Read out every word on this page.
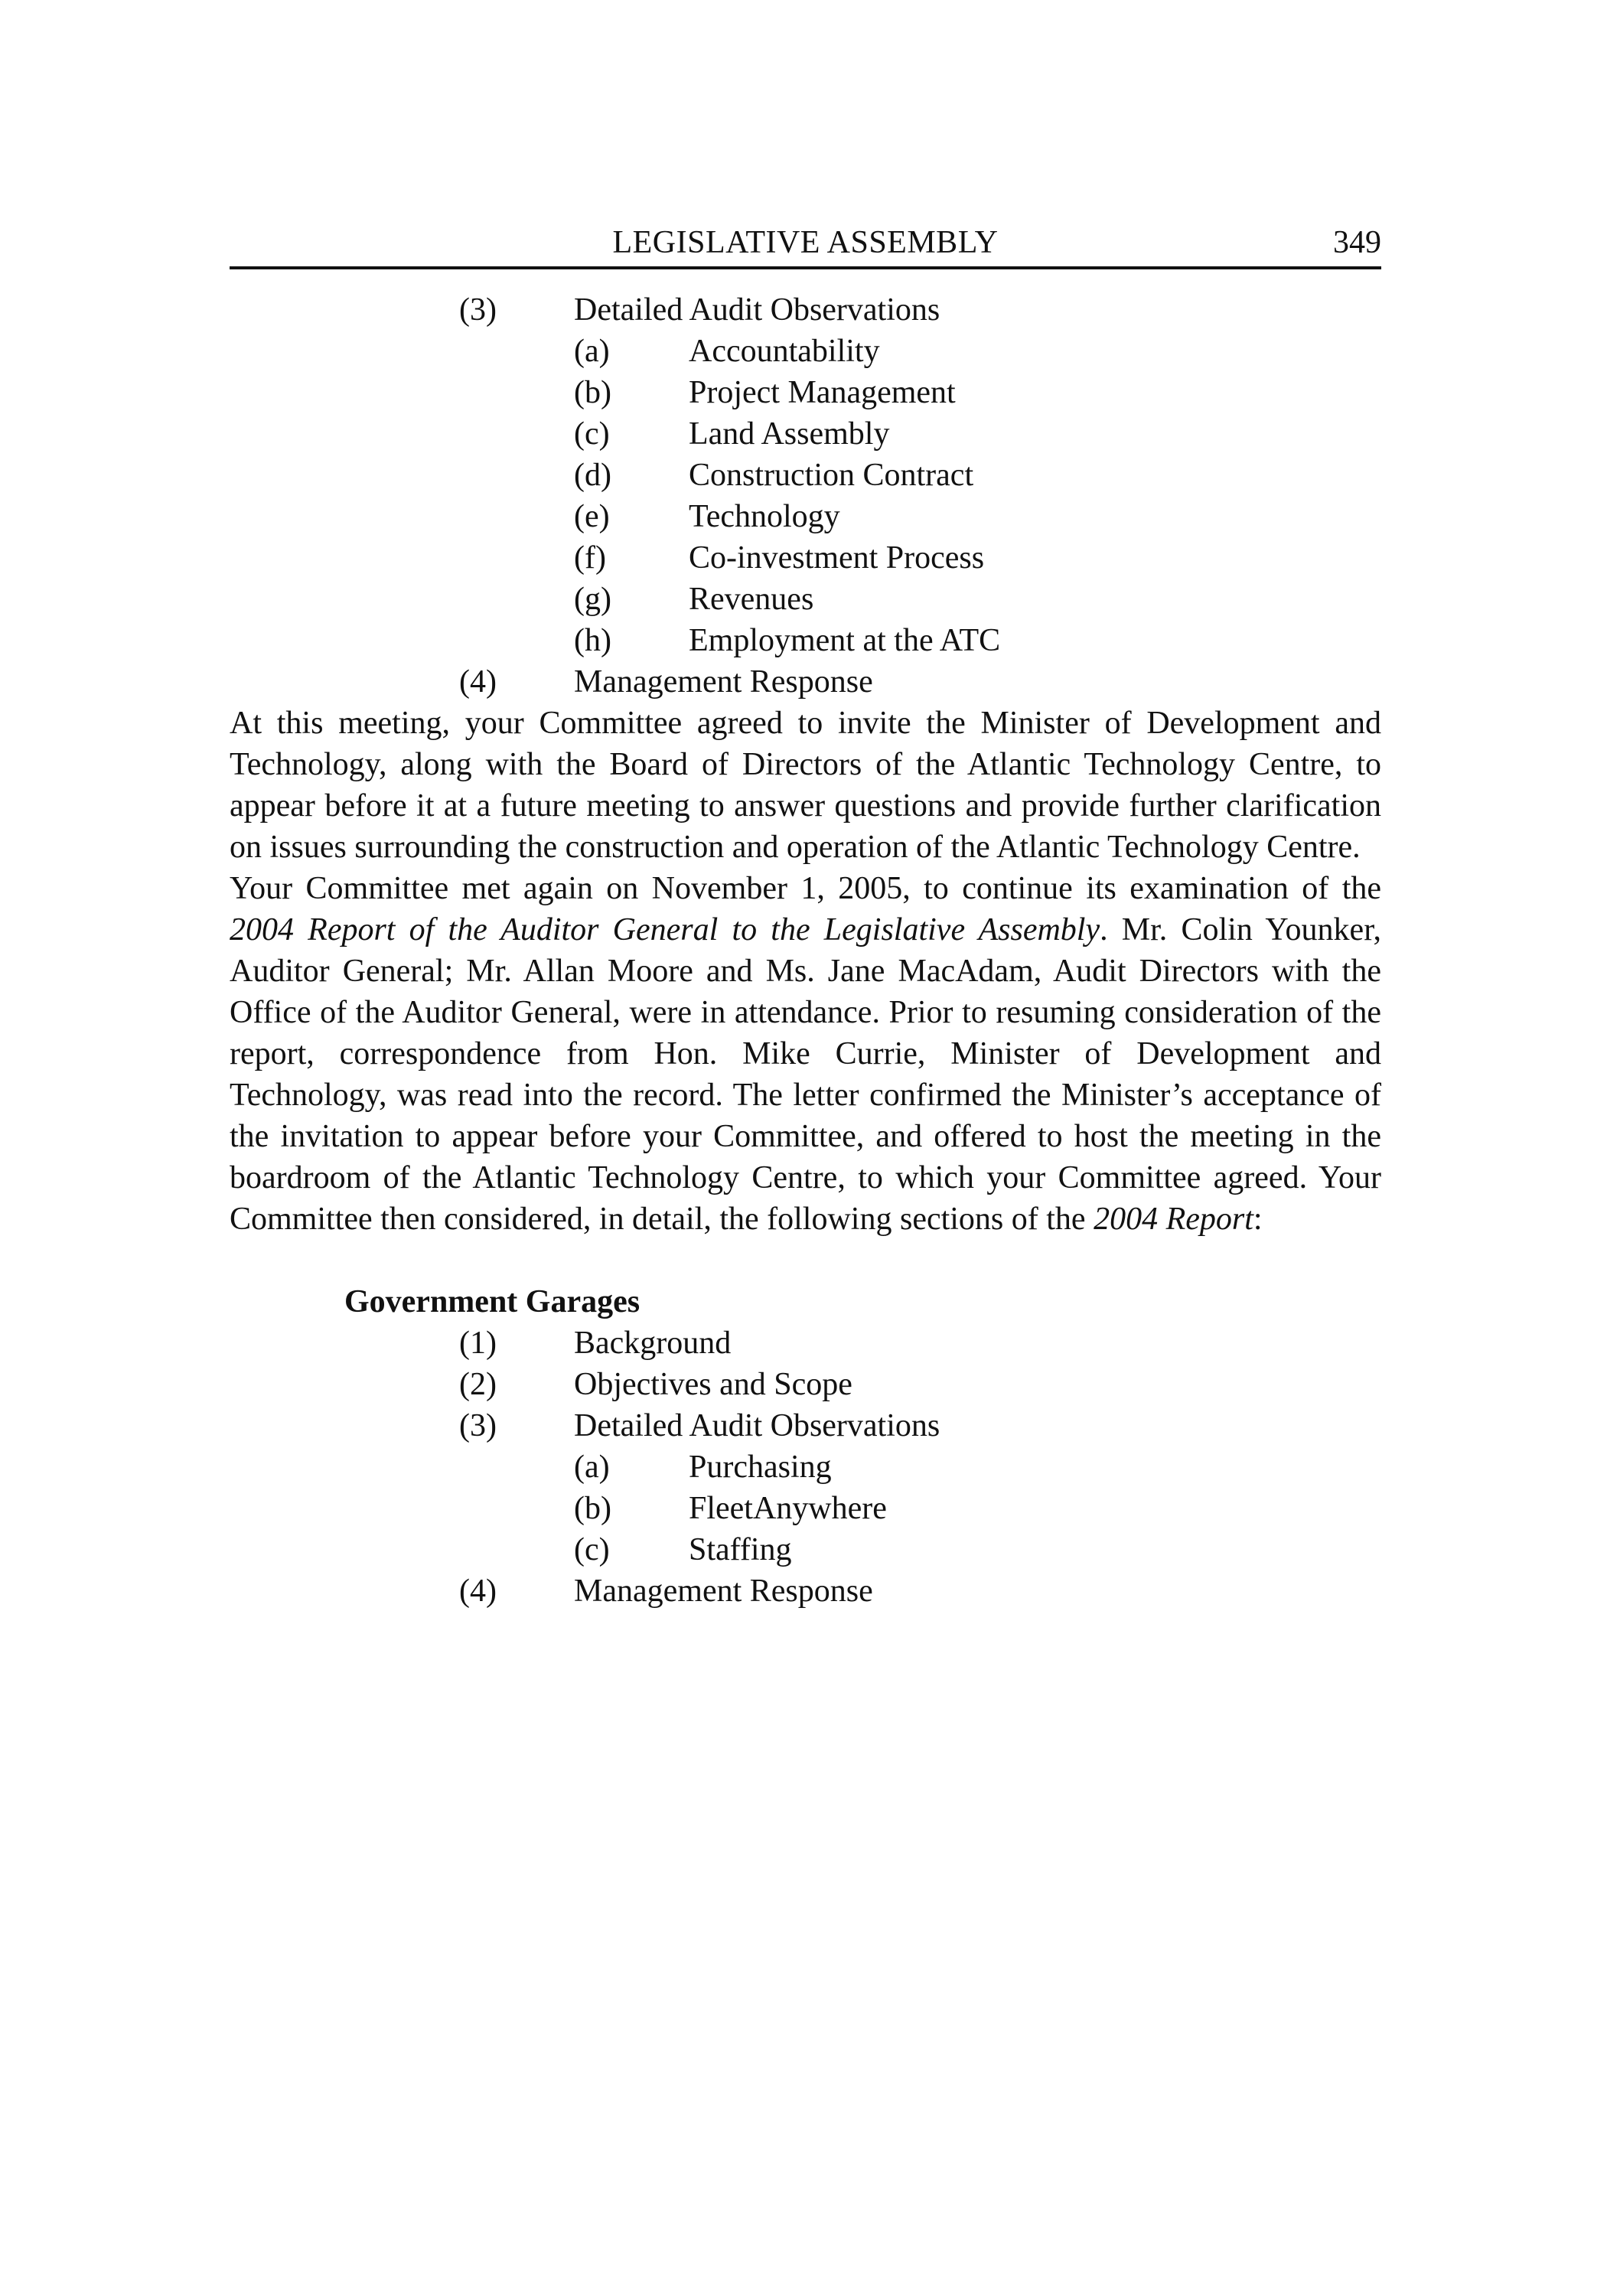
LEGISLATIVE ASSEMBLY	349
(3) Detailed Audit Observations
(a) Accountability
(b) Project Management
(c) Land Assembly
(d) Construction Contract
(e) Technology
(f)	Co-investment Process
(g) Revenues
(h) Employment at the ATC
(4) Management Response

At this meeting, your Committee agreed to invite the Minister of Development and Technology, along with the Board of Directors of the Atlantic Technology Centre, to appear before it at a future meeting to answer questions and provide further clarification on issues surrounding the construction and operation of the Atlantic Technology Centre.

Your Committee met again on November 1, 2005, to continue its examination of the 2004 Report of the Auditor General to the Legislative Assembly. Mr. Colin Younker, Auditor General; Mr. Allan Moore and Ms. Jane MacAdam, Audit Directors with the Office of the Auditor General, were in attendance. Prior to resuming consideration of the report, correspondence from Hon. Mike Currie, Minister of Development and Technology, was read into the record. The letter confirmed the Minister’s acceptance of the invitation to appear before your Committee, and offered to host the meeting in the boardroom of the Atlantic Technology Centre, to which your Committee agreed. Your Committee then considered, in detail, the following sections of the 2004 Report:

Government Garages
(1) Background
(2) Objectives and Scope
(3) Detailed Audit Observations
(a) Purchasing
(b) FleetAnywhere
(c) Staffing
(4) Management Response
